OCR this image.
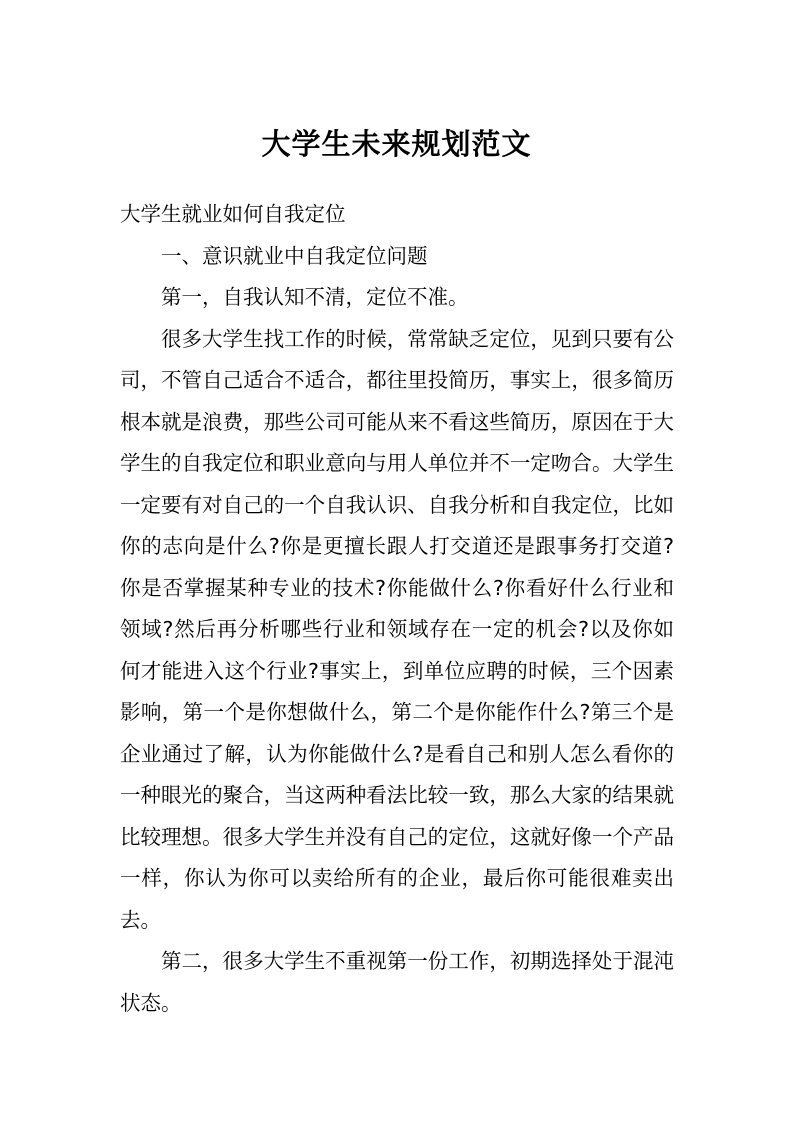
大学生未来规划范文

大学生就业如何自我定位

一、意识就业中自我定位问题

第一，自我认知不清，定位不准。

很多大学生找工作的时候，常常缺乏定位，见到只要有公司，不管自己适合不适合，都往里投简历，事实上，很多简历根本就是浪费，那些公司可能从来不看这些简历，原因在于大学生的自我定位和职业意向与用人单位并不一定吻合。大学生一定要有对自己的一个自我认识、自我分析和自我定位，比如你的志向是什么?你是更擅长跟人打交道还是跟事务打交道?你是否掌握某种专业的技术?你能做什么?你看好什么行业和领域?然后再分析哪些行业和领域存在一定的机会?以及你如何才能进入这个行业?事实上，到单位应聘的时候，三个因素影响，第一个是你想做什么，第二个是你能作什么?第三个是企业通过了解，认为你能做什么?是看自己和别人怎么看你的一种眼光的聚合，当这两种看法比较一致，那么大家的结果就比较理想。很多大学生并没有自己的定位，这就好像一个产品一样，你认为你可以卖给所有的企业，最后你可能很难卖出去。

第二，很多大学生不重视第一份工作，初期选择处于混沌状态。
